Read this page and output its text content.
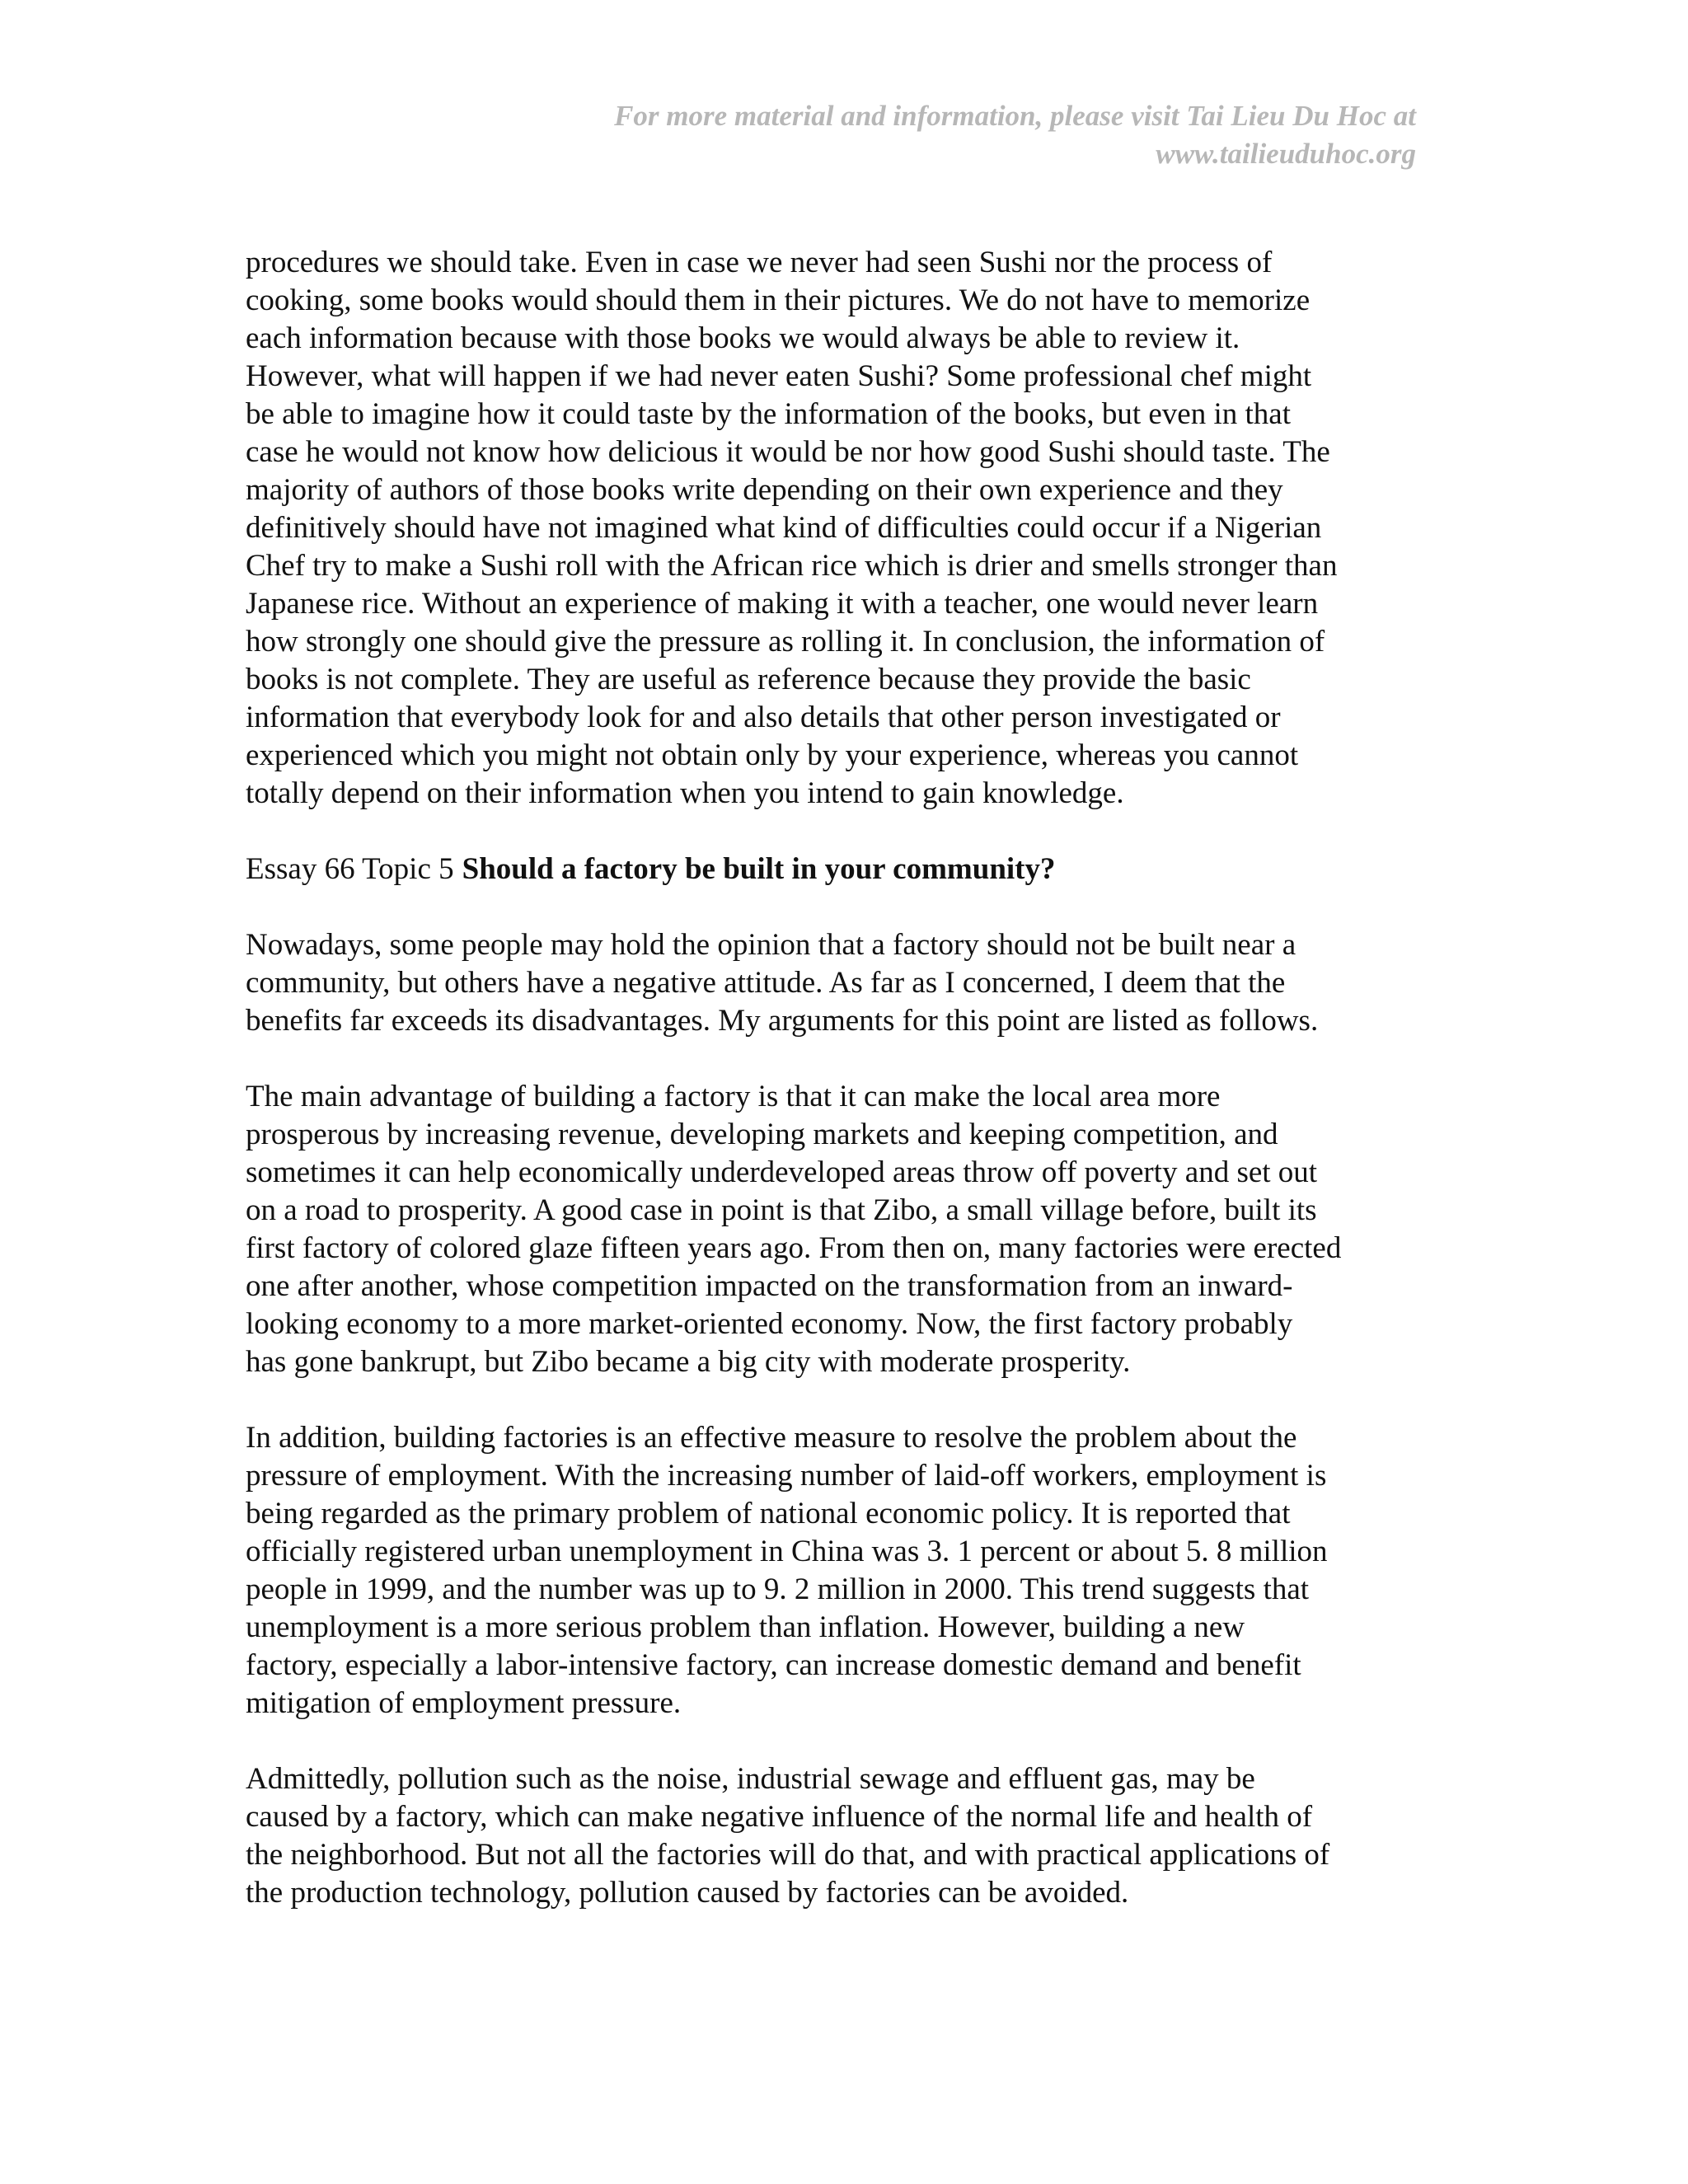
For more material and information, please visit Tai Lieu Du Hoc at
www.tailieuduhoc.org

procedures we should take. Even in case we never had seen Sushi nor the process of
cooking, some books would should them in their pictures. We do not have to memorize
each information because with those books we would always be able to review it.
However, what will happen if we had never eaten Sushi? Some professional chef might
be able to imagine how it could taste by the information of the books, but even in that
case he would not know how delicious it would be nor how good Sushi should taste. The
majority of authors of those books write depending on their own experience and they
definitively should have not imagined what kind of difficulties could occur if a Nigerian
Chef try to make a Sushi roll with the African rice which is drier and smells stronger than
Japanese rice. Without an experience of making it with a teacher, one would never learn
how strongly one should give the pressure as rolling it. In conclusion, the information of
books is not complete. They are useful as reference because they provide the basic
information that everybody look for and also details that other person investigated or
experienced which you might not obtain only by your experience, whereas you cannot
totally depend on their information when you intend to gain knowledge.

Essay 66 Topic 5 Should a factory be built in your community?

Nowadays, some people may hold the opinion that a factory should not be built near a
community, but others have a negative attitude. As far as I concerned, I deem that the
benefits far exceeds its disadvantages. My arguments for this point are listed as follows.

The main advantage of building a factory is that it can make the local area more
prosperous by increasing revenue, developing markets and keeping competition, and
sometimes it can help economically underdeveloped areas throw off poverty and set out
on a road to prosperity. A good case in point is that Zibo, a small village before, built its
first factory of colored glaze fifteen years ago. From then on, many factories were erected
one after another, whose competition impacted on the transformation from an inward-
looking economy to a more market-oriented economy. Now, the first factory probably
has gone bankrupt, but Zibo became a big city with moderate prosperity.

In addition, building factories is an effective measure to resolve the problem about the
pressure of employment. With the increasing number of laid-off workers, employment is
being regarded as the primary problem of national economic policy. It is reported that
officially registered urban unemployment in China was 3. 1 percent or about 5. 8 million
people in 1999, and the number was up to 9. 2 million in 2000. This trend suggests that
unemployment is a more serious problem than inflation. However, building a new
factory, especially a labor-intensive factory, can increase domestic demand and benefit
mitigation of employment pressure.

Admittedly, pollution such as the noise, industrial sewage and effluent gas, may be
caused by a factory, which can make negative influence of the normal life and health of
the neighborhood. But not all the factories will do that, and with practical applications of
the production technology, pollution caused by factories can be avoided.
